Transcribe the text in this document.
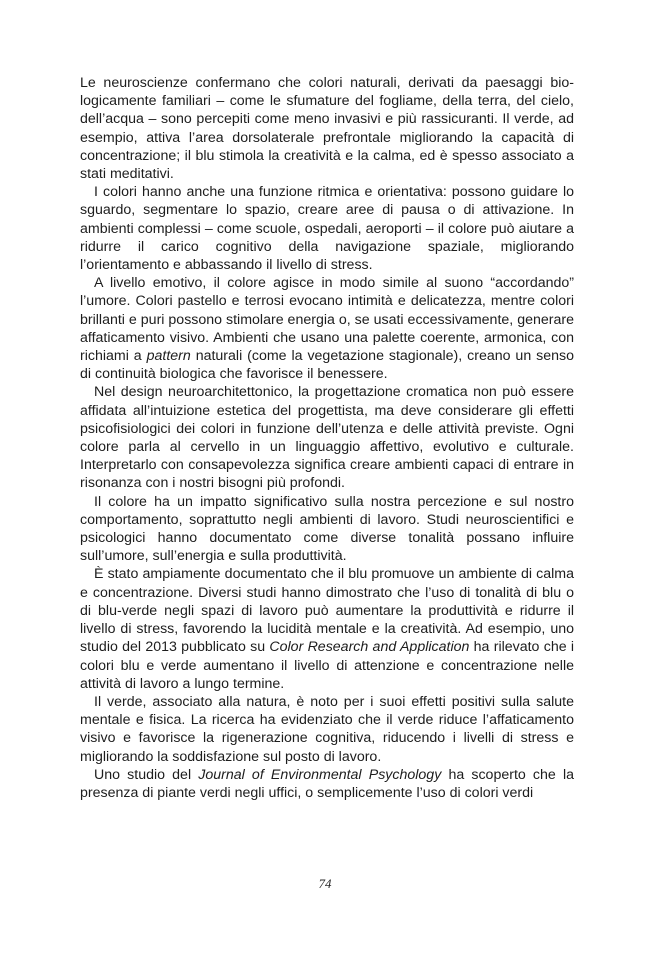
Le neuroscienze confermano che colori naturali, derivati da paesaggi biologicamente familiari – come le sfumature del fogliame, della terra, del cielo, dell’acqua – sono percepiti come meno invasivi e più rassicuranti. Il verde, ad esempio, attiva l’area dorsolaterale prefrontale migliorando la capacità di concentrazione; il blu stimola la creatività e la calma, ed è spesso associato a stati meditativi.

I colori hanno anche una funzione ritmica e orientativa: possono guidare lo sguardo, segmentare lo spazio, creare aree di pausa o di attivazione. In ambienti complessi – come scuole, ospedali, aeroporti – il colore può aiutare a ridurre il carico cognitivo della navigazione spaziale, migliorando l’orientamento e abbassando il livello di stress.

A livello emotivo, il colore agisce in modo simile al suono “accordando” l’umore. Colori pastello e terrosi evocano intimità e delicatezza, mentre colori brillanti e puri possono stimolare energia o, se usati eccessivamente, generare affaticamento visivo. Ambienti che usano una palette coerente, armonica, con richiami a pattern naturali (come la vegetazione stagionale), creano un senso di continuità biologica che favorisce il benessere.

Nel design neuroarchitettonico, la progettazione cromatica non può essere affidata all’intuizione estetica del progettista, ma deve considerare gli effetti psicofisiologici dei colori in funzione dell’utenza e delle attività previste. Ogni colore parla al cervello in un linguaggio affettivo, evolutivo e culturale. Interpretarlo con consapevolezza significa creare ambienti capaci di entrare in risonanza con i nostri bisogni più profondi.

Il colore ha un impatto significativo sulla nostra percezione e sul nostro comportamento, soprattutto negli ambienti di lavoro. Studi neuroscientifici e psicologici hanno documentato come diverse tonalità possano influire sull’umore, sull’energia e sulla produttività.

È stato ampiamente documentato che il blu promuove un ambiente di calma e concentrazione. Diversi studi hanno dimostrato che l’uso di tonalità di blu o di blu-verde negli spazi di lavoro può aumentare la produttività e ridurre il livello di stress, favorendo la lucidità mentale e la creatività. Ad esempio, uno studio del 2013 pubblicato su Color Research and Application ha rilevato che i colori blu e verde aumentano il livello di attenzione e concentrazione nelle attività di lavoro a lungo termine.

Il verde, associato alla natura, è noto per i suoi effetti positivi sulla salute mentale e fisica. La ricerca ha evidenziato che il verde riduce l’affaticamento visivo e favorisce la rigenerazione cognitiva, riducendo i livelli di stress e migliorando la soddisfazione sul posto di lavoro.

Uno studio del Journal of Environmental Psychology ha scoperto che la presenza di piante verdi negli uffici, o semplicemente l’uso di colori verdi

74
